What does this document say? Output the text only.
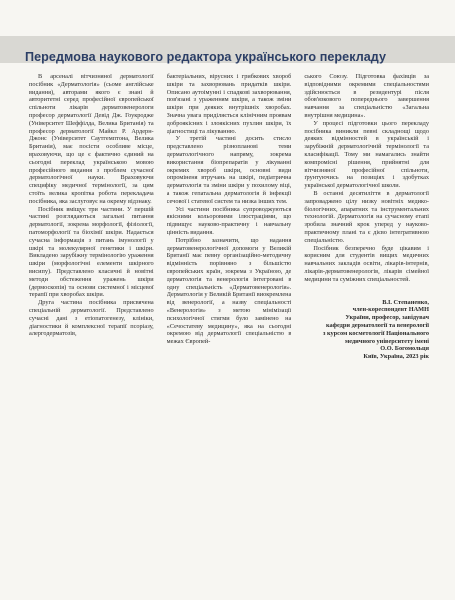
Передмова наукового редактора українського перекладу

В арсеналі вітчизняної дерматології посібник «Дерматологія» (сьоме англійське видання), авторами якого є знані й авторитетні серед професійної європейської спільноти лікарів дерматовенерологи професор дерматології Девід Дж. Гоукродже (Університет Шеффілда, Велика Британія) та професор дерматології Майкл Р. Ардерн-Джонс (Університет Саутгемптона, Велика Британія), має посісти особливе місце, враховуючи, що це є фактично єдиний на сьогодні переклад українською мовою професійного видання з проблем сучасної дерматологічної науки. Враховуючи специфіку медичної термінології, за цим стоїть велика кропітка робота перекладача посібника, яка заслуговує на окрему відзнаку.

Посібник вміщує три частини. У першій частині розглядаються загальні питання дерматології, зокрема морфології, фізіології, патоморфології та біохімії шкіри. Надається сучасна інформація з питань імунології у шкірі та молекулярної генетики і шкіри. Викладено зарубіжну термінологію ураження шкіри (морфологічні елементи шкірного висипу). Представлено класичні й новітні методи обстеження уражень шкіри (дермоскопія) та основи системної і місцевої терапії при хворобах шкіри.

Друга частина посібника присвячена спеціальній дерматології. Представлено сучасні дані з етіопатогенезу, клініки, діагностики й комплексної терапії псоріазу, алергодерматозів,

бактеріальних, вірусних і грибкових хвороб шкіри та захворювань придатків шкіри. Описано аутоімунні і спадкові захворювання, пов'язані з ураженням шкіри, а також зміни шкіри при деяких внутрішніх хворобах. Значна увага приділяється клінічним проявам доброякісних і злоякісних пухлин шкіри, їх діагностиці та лікуванню.

У третій частині досить стисло представлено різноплановi теми дерматологічного напряму, зокрема використання біопрепаратів у лікуванні окремих хвороб шкіри, основні види опроміненя втручань на шкірі, педіатрична дерматологія та зміни шкіри у похилому віці, а також гепатальна дерматологія й інфекції сечової і статевої систем та низка інших тем.

Усі частини посібника супроводжуються якісними кольоровими ілюстраціями, що підвищує науково-практичну і навчальну цінність видання.

Потрібно зазначити, що надання дерматовенерологічної допомоги у Великій Британії має певну організаційно-методичну відмінність порівняно з більшістю європейських країн, зокрема з Україною, де дерматологія та венерологія інтегровані в одну спеціальність «Дерматовенерологія». Дерматологія у Великій Британії виокремлена від венерології, а назву спеціальності «Венерологія» з метою мінімізації психологічної стигми було замінено на «Сечостатеву медицину», яка на сьогодні окремою від дерматології спеціальністю в межах Європей-

ського Союзу. Підготовка фахівців за відповідними окремими спеціальностями здійснюється в резидентурі після обов'язкового попереднього завершення навчання за спеціальністю «Загальна внутрішня медицина».

У процесі підготовки цього перекладу посібника виникли певні складнощі щодо деяких відмінностей в українській і зарубіжній дерматологічній термінології та класифікації. Тому ми намагались знайти компромісні рішення, прийнятні для вітчизняної професійної спільноти, ґрунтуючись на позиціях і здобутках української дерматологічної школи.

В останні десятиліття в дерматології запроваджено цілу низку новітніх медико-біологічних, апаратних та інструментальних технологій. Дерматологія на сучасному етапі зробила значний крок уперед у науково-практичному плані та є дієво інтегративною спеціальністю.

Посібник безперечно буде цікавим і корисним для студентів вищих медичних навчальних закладів освіти, лікарів-інтернів, лікарів-дерматовенерологів, лікарів сімейної медицини та суміжних спеціальностей.

В.І. Степаненко,
член-кореспондент НАМН
України, професор, завідувач
кафедри дерматології та венерології
з курсом косметології Національного
медичного університету імені
О.О. Богомольця
Київ, Україна, 2023 рік
